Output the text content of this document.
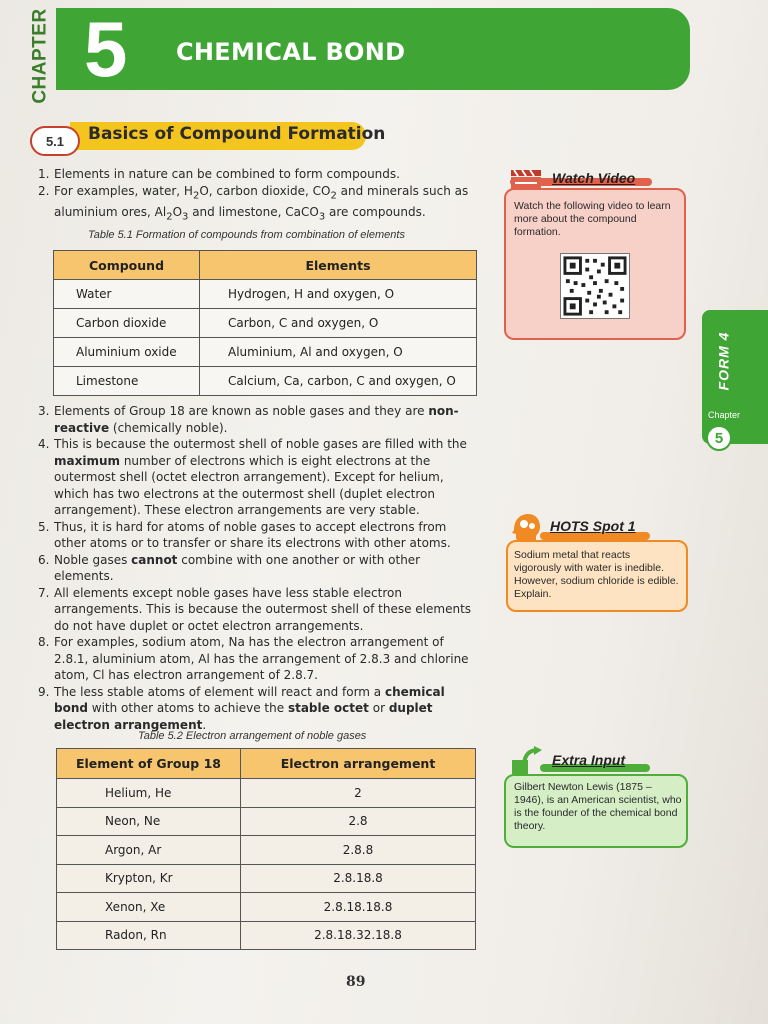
CHAPTER 5 CHEMICAL BOND
5.1	Basics of Compound Formation
1. Elements in nature can be combined to form compounds.
2. For examples, water, $H_2O$, carbon dioxide, $CO_2$ and minerals such as aluminium ores, $Al_2O_3$ and limestone, CaCO$_3$ are compounds.
Table 5.1 Formation of compounds from combination of elements
Compound	Elements
Water	Hydrogen, H and oxygen, O
Carbon dioxide	Carbon, C and oxygen, O
Aluminium oxide	Aluminium, Al and oxygen, O
Limestone	Calcium, Ca, carbon, C and oxygen, O
3. Elements of Group 18 are known as noble gases and they are non-reactive (chemically noble).
4. This is because the outermost shell of noble gases are filled with the maximum number of electrons which is eight electrons at the outermost shell (octet electron arrangement). Except for helium, which has two electrons at the outermost shell (duplet electron arrangement). These electron arrangements are very stable.
5. Thus, it is hard for atoms of noble gases to accept electrons from other atoms or to transfer or share its electrons with other atoms.
6. Noble gases cannot combine with one another or with other elements.
7. All elements except noble gases have less stable electron arrangements. This is because the outermost shell of these elements do not have duplet or octet electron arrangements.
8. For examples, sodium atom, Na has the electron arrangement of 2.8.1, aluminium atom, Al has the arrangement of 2.8.3 and chlorine atom, Cl has electron arrangement of 2.8.7.
9. The less stable atoms of element will react and form a chemical bond with other atoms to achieve the stable octet or duplet electron arrangement.
Table 5.2 Electron arrangement of noble gases
Element of Group 18	Electron arrangement
Helium, He	2
Neon, Ne	2.8
Argon, Ar	2.8.8
Krypton, Kr	2.8.18.8
Xenon, Xe	2.8.18.18.8
Radon, Rn	2.8.18.32.18.8
Watch Video
Watch the following video to learn more about the compound formation.
HOTS Spot 1
Sodium metal that reacts vigorously with water is inedible. However, sodium chloride is edible. Explain.
Extra Input
Gilbert Newton Lewis (1875 – 1946), is an American scientist, who is the founder of the chemical bond theory.
FORM 4
Chapter
5
89
